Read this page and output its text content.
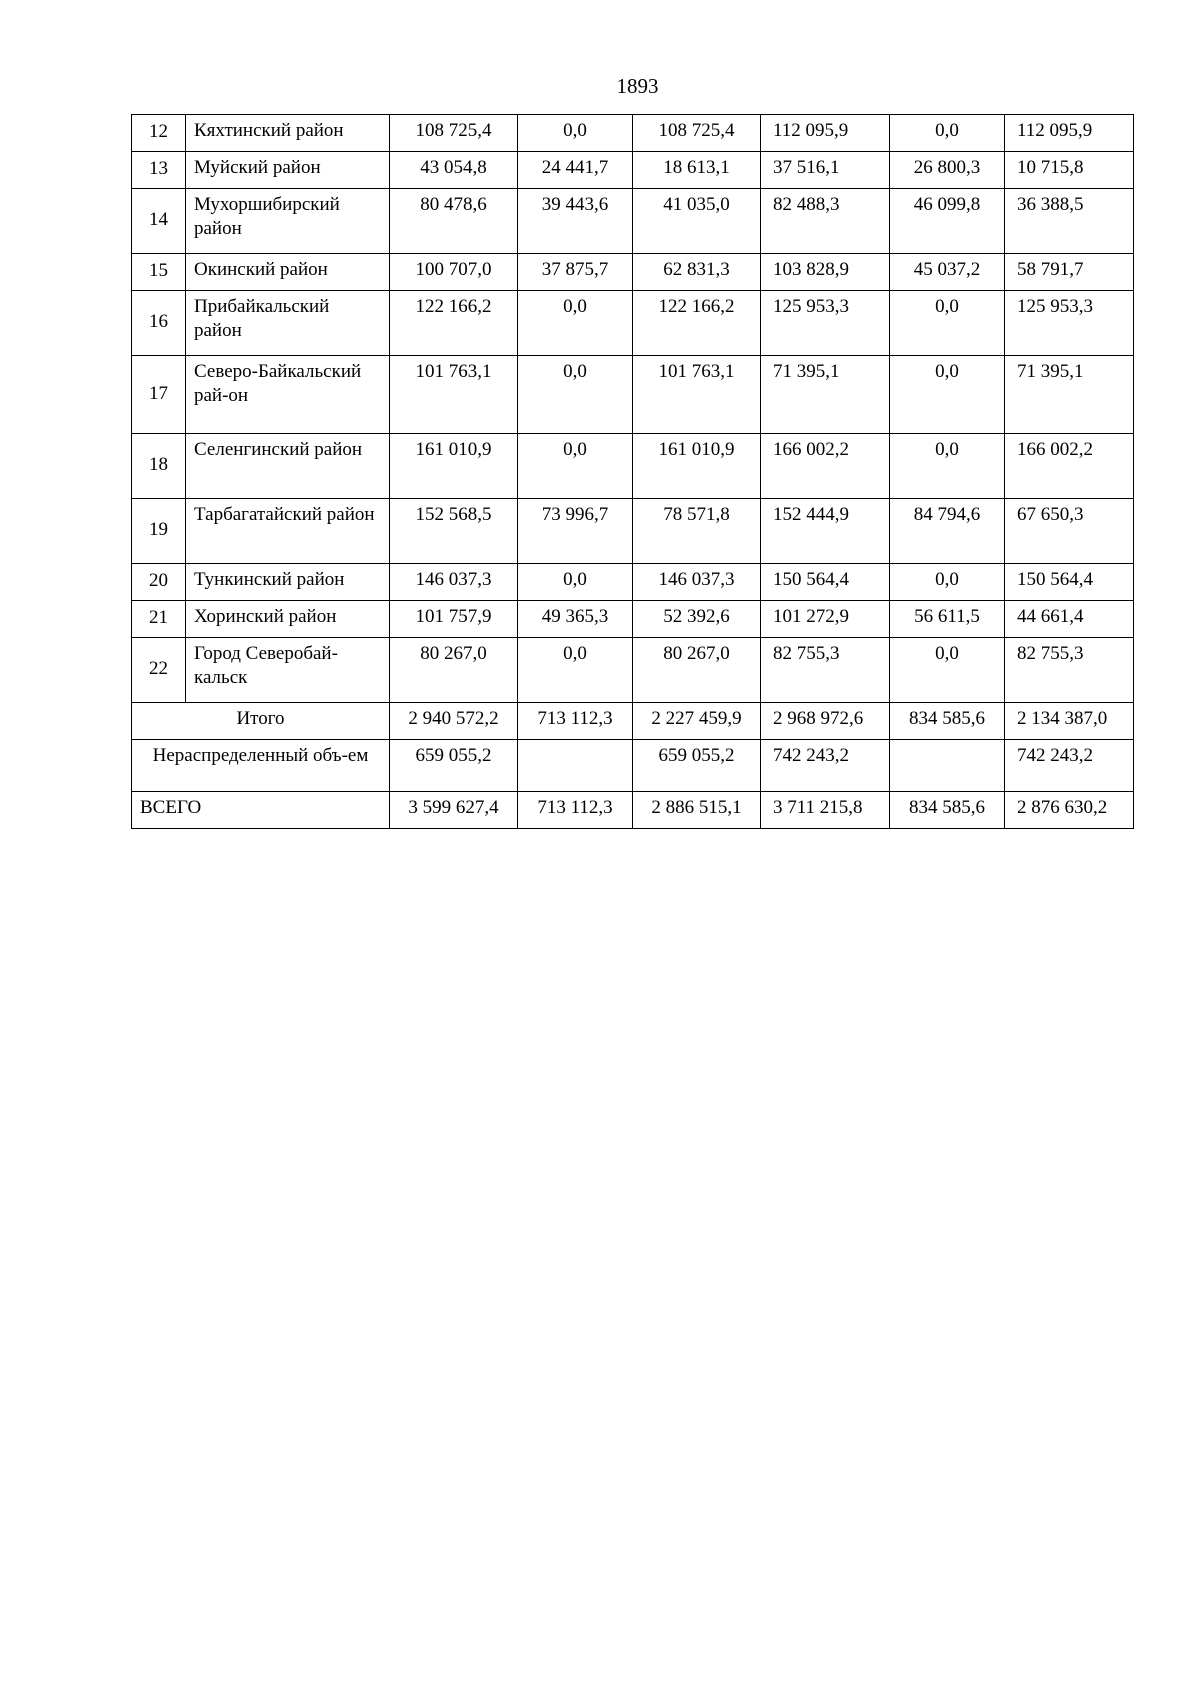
1893
12	Кяхтинский район	108 725,4	0,0	108 725,4	112 095,9	0,0	112 095,9
13	Муйский район	43 054,8	24 441,7	18 613,1	37 516,1	26 800,3	10 715,8
14	Мухоршибирский район	80 478,6	39 443,6	41 035,0	82 488,3	46 099,8	36 388,5
15	Окинский район	100 707,0	37 875,7	62 831,3	103 828,9	45 037,2	58 791,7
16	Прибайкальский район	122 166,2	0,0	122 166,2	125 953,3	0,0	125 953,3
17	Северо-Байкальский рай-он	101 763,1	0,0	101 763,1	71 395,1	0,0	71 395,1
18	Селенгинский район	161 010,9	0,0	161 010,9	166 002,2	0,0	166 002,2
19	Тарбагатайский район	152 568,5	73 996,7	78 571,8	152 444,9	84 794,6	67 650,3
20	Тункинский район	146 037,3	0,0	146 037,3	150 564,4	0,0	150 564,4
21	Хоринский район	101 757,9	49 365,3	52 392,6	101 272,9	56 611,5	44 661,4
22	Город Северобай-кальск	80 267,0	0,0	80 267,0	82 755,3	0,0	82 755,3
Итого		2 940 572,2	713 112,3	2 227 459,9	2 968 972,6	834 585,6	2 134 387,0
Нераспределенный объ-ем		659 055,2		659 055,2	742 243,2		742 243,2
ВСЕГО		3 599 627,4	713 112,3	2 886 515,1	3 711 215,8	834 585,6	2 876 630,2
